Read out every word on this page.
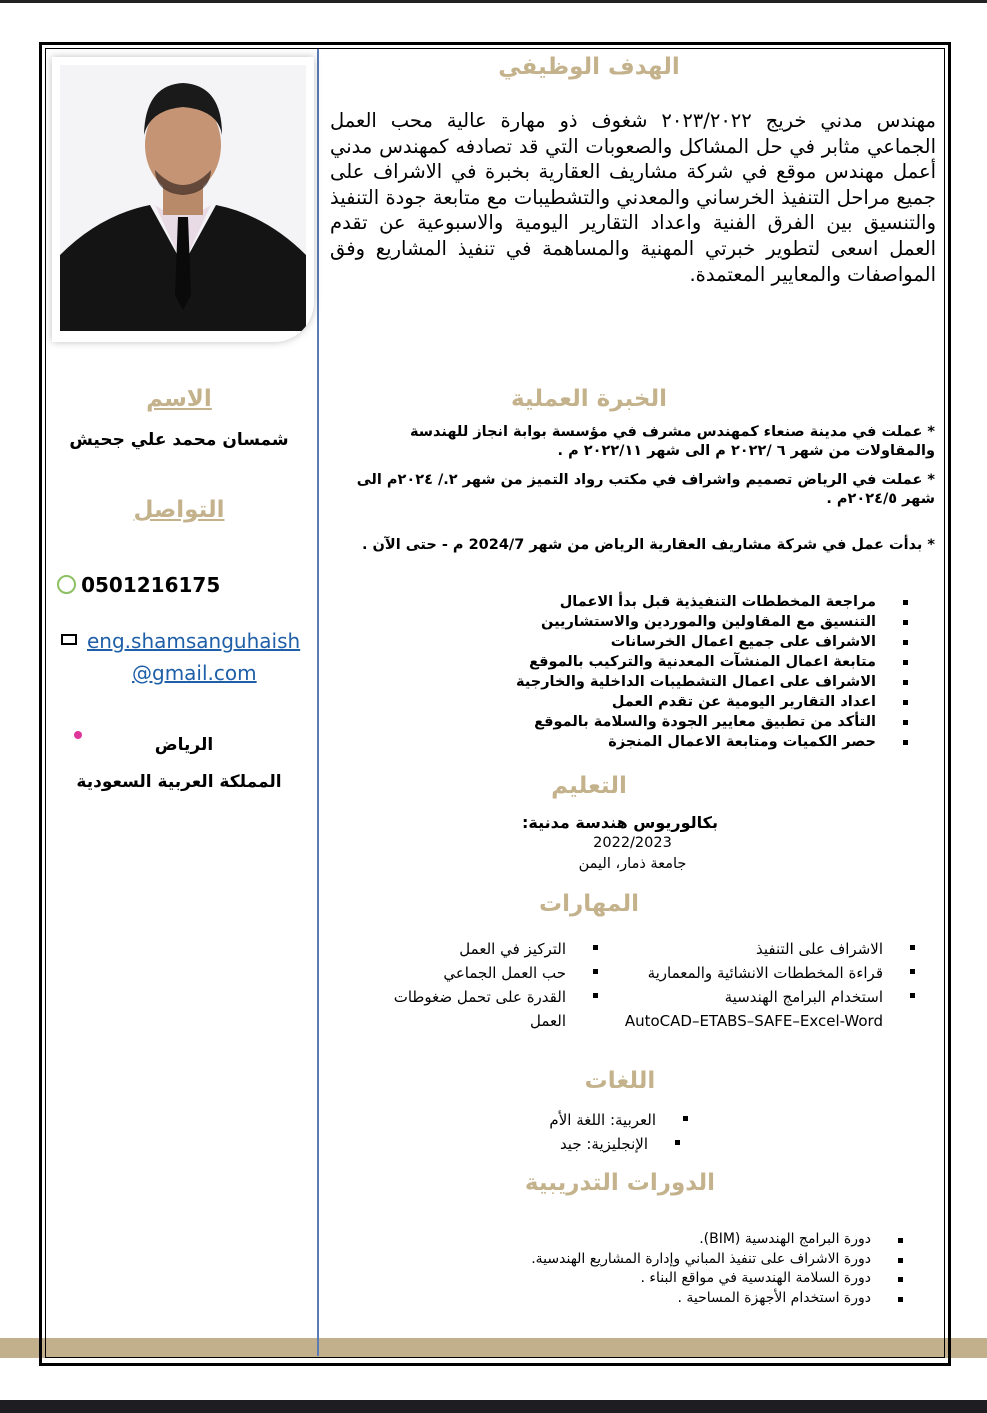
الهدف الوظيفي
مهندس مدني خريج ٢٠٢٣/٢٠٢٢ شغوف ذو مهارة عالية محب العمل الجماعي مثابر في حل المشاكل والصعوبات التي قد تصادفه كمهندس مدني أعمل مهندس موقع في شركة مشاريف العقارية بخبرة في الاشراف على جميع مراحل التنفيذ الخرساني والمعدني والتشطيبات مع متابعة جودة التنفيذ والتنسيق بين الفرق الفنية واعداد التقارير اليومية والاسبوعية عن تقدم العمل اسعى لتطوير خبرتي المهنية والمساهمة في تنفيذ المشاريع وفق المواصفات والمعايير المعتمدة.
الاسم
شمسان محمد علي جحيش
التواصل
0501216175
eng.shamsanguhaish
@gmail.com
الرياض
المملكة العربية السعودية
الخبرة العملية
* عملت في مدينة صنعاء كمهندس مشرف في مؤسسة بوابة انجاز للهندسة والمقاولات من شهر ٦ /٢٠٢٢ م الى شهر ٢٠٢٢/١١ م .
* عملت في الرياض تصميم واشراف في مكتب رواد التميز من شهر ٢./ ٢٠٢٤م الى شهر ٢٠٢٤/٥م .
* بدأت عمل في شركة مشاريف العقارية الرياض من شهر 2024/7 م - حتى الآن .
مراجعة المخططات التنفيذية قبل بدأ الاعمال
التنسيق مع المقاولين والموردين والاستشاريين
الاشراف على جميع اعمال الخرسانات
متابعة اعمال المنشآت المعدنية والتركيب بالموقع
الاشراف على اعمال التشطيبات الداخلية والخارجية
اعداد التقارير اليومية عن تقدم العمل
التأكد من تطبيق معايير الجودة والسلامة بالموقع
حصر الكميات ومتابعة الاعمال المنجزة
التعليم
بكالوريوس هندسة مدنية:
2022/2023
جامعة ذمار، اليمن
المهارات
الاشراف على التنفيذ
قراءة المخططات الانشائية والمعمارية
استخدام البرامج الهندسية
AutoCAD–ETABS–SAFE–Excel-Word
التركيز في العمل
حب العمل الجماعي
القدرة على تحمل ضغوطات
العمل
اللغات
العربية: اللغة الأم
الإنجليزية: جيد
الدورات التدريبية
دورة البرامج الهندسية (BIM).
دورة الاشراف على تنفيذ المباني وإدارة المشاريع الهندسية.
دورة السلامة الهندسية في مواقع البناء .
دورة استخدام الأجهزة المساحية .
